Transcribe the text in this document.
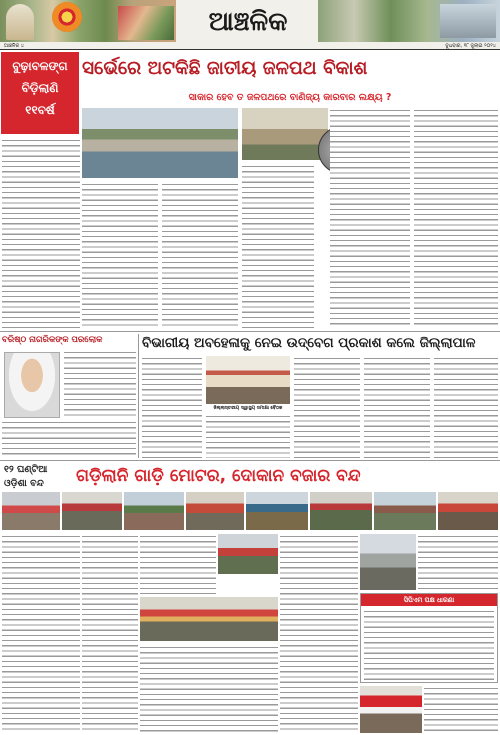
ଆଞ୍ଚଳିକ
ଆଞ୍ଚଳିକ ୪	ବୁଧବାର, ୧୮ ଜୁଲାଇ ୨୦୨୪
ବୁଢ଼ାବଳଙ୍ଗ ବିଡ଼ିଲାଣି ୧୧ବର୍ଷ
ସର୍ଭେରେ ଅଟକିଛି ଜାତୀୟ ଜଳପଥ ବିକାଶ
ସାକାର ହେବ ତ ଜଳପଥରେ ବାଣିଜ୍ୟ କାରବାର ଲକ୍ଷ୍ୟ ?
ବରିଷ୍ଠ ନାଗରିକଙ୍କ ପରଲୋକ	ବିଭାଗୀୟ ଅବହେଳାକୁ ନେଇ ଉଦ୍‌ବେଗ ପ୍ରକାଶ କଲେ ଜିଲ୍ଲାପାଳ
ଜିଲ୍ଲାସ୍ତରୀୟ ସ୍ୱାସ୍ଥ୍ୟ ସମୀକ୍ଷା ବୈଠକ
୧୨ ଘଣ୍ଟିଆ
ଓଡ଼ିଶା ବନ୍ଦ	ଗଡ଼ିଲାନି ଗାଡ଼ି ମୋଟର, ଦୋକାନ ବଜାର ବନ୍ଦ
ସିପିଏମ ପକ୍ଷ ଧାରଣା
